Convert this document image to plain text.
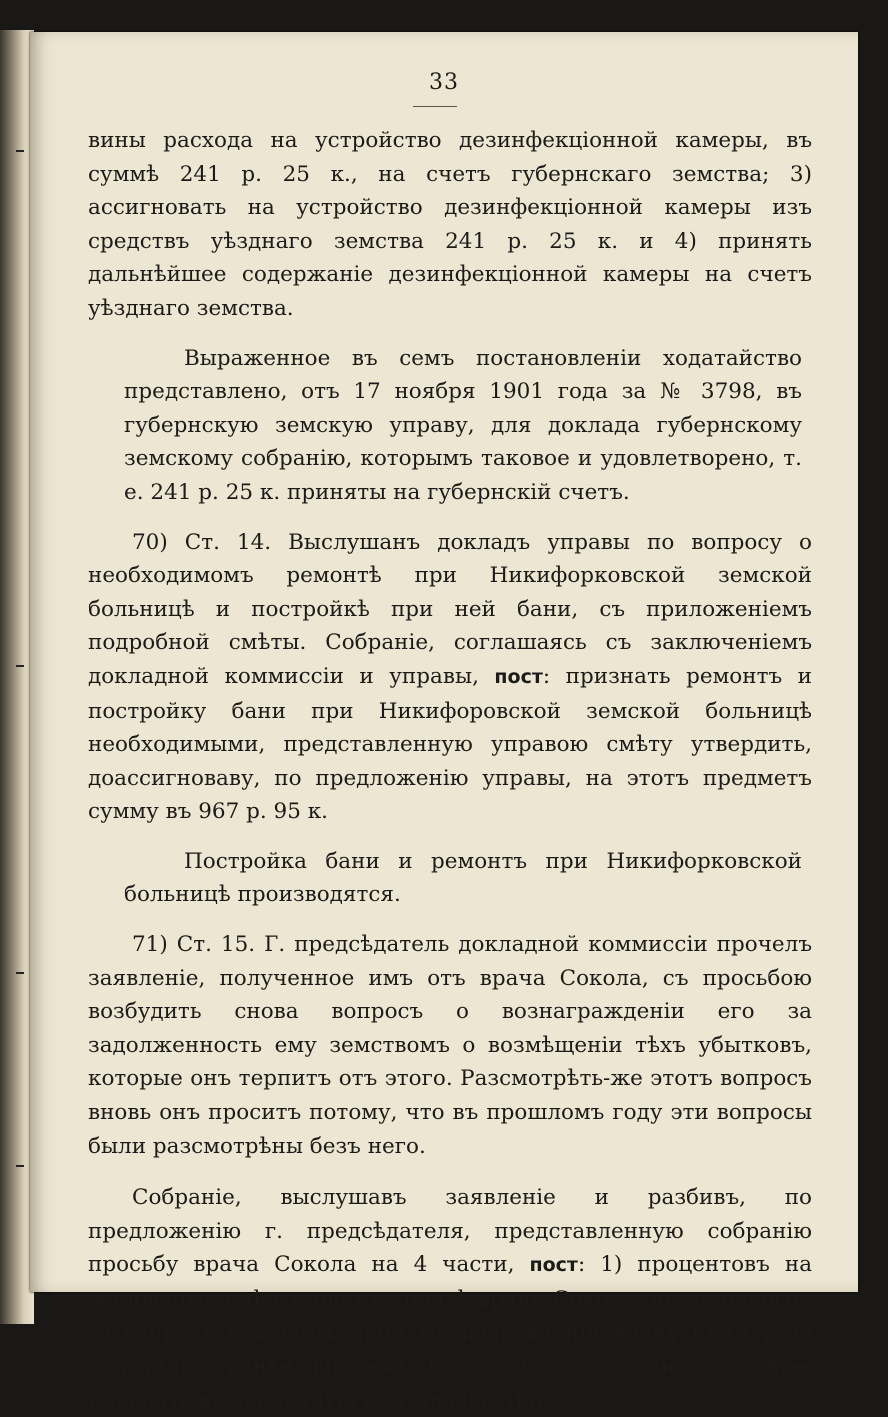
33

вины расхода на устройство дезинфекціонной камеры, въ суммѣ 241 р. 25 к., на счетъ губернскаго земства; 3) ассигновать на устройство дезинфекціонной камеры изъ средствъ уѣзднаго земства 241 р. 25 к. и 4) принять дальнѣйшее содержаніе дезинфекціонной камеры на счетъ уѣзднаго земства.

Выраженное въ семъ постановленіи ходатайство представлено, отъ 17 ноября 1901 года за № 3798, въ губернскую земскую управу, для доклада губернскому земскому собранію, которымъ таковое и удовлетворено, т. е. 241 р. 25 к. приняты на губернскій счетъ.

70) Ст. 14. Выслушанъ докладъ управы по вопросу о необходимомъ ремонтѣ при Никифорковской земской больницѣ и постройкѣ при ней бани, съ приложеніемъ подробной смѣты. Собраніе, соглашаясь съ заключеніемъ докладной коммиссіи и управы, пост: признать ремонтъ и постройку бани при Никифоровской земской больницѣ необходимыми, представленную управою смѣту утвердить, доассигноваву, по предложенію управы, на этотъ предметъ сумму въ 967 р. 95 к.

Постройка бани и ремонтъ при Никифорковской больницѣ производятся.

71) Ст. 15. Г. предсѣдатель докладной коммиссіи прочелъ заявленіе, полученное имъ отъ врача Сокола, съ просьбою возбудить снова вопросъ о вознагражденіи его за задолженность ему земствомъ о возмѣщеніи тѣхъ убытковъ, которые онъ терпитъ отъ этого. Разсмотрѣть-же этотъ вопросъ вновь онъ проситъ потому, что въ прошломъ году эти вопросы были разсмотрѣны безъ него.

Собраніе, выслушавъ заявленіе и разбивъ, по предложенію г. предсѣдателя, представленную собранію просьбу врача Сокола на 4 части, пост: 1) процентовъ на жалованье, слѣдуемое къ уплатѣ врачу Соколу, не начислять; 2) вопросъ о какомъ либо вознагражденіи врачу Соколу за оказанное ранѣе врачемъ Соколомъ одолженіе земству—передать въ докладную коммиссію; 3) по-
